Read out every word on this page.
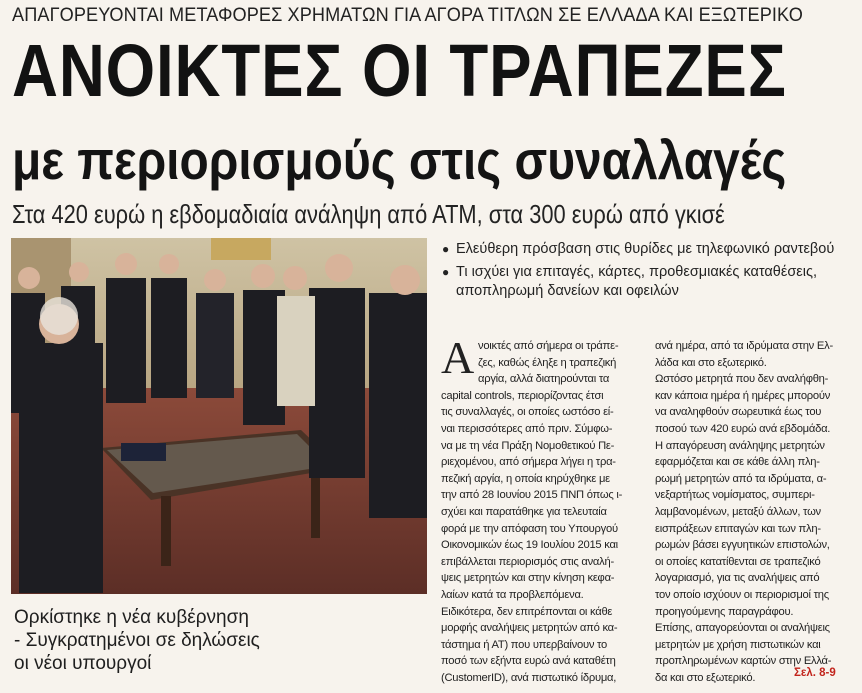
ΑΠΑΓΟΡΕΥΟΝΤΑΙ ΜΕΤΑΦΟΡΕΣ ΧΡΗΜΑΤΩΝ ΓΙΑ ΑΓΟΡΑ ΤΙΤΛΩΝ ΣΕ ΕΛΛΑΔΑ ΚΑΙ ΕΞΩΤΕΡΙΚΟ
ΑΝΟΙΚΤΕΣ ΟΙ ΤΡΑΠΕΖΕΣ
με περιορισμούς στις συναλλαγές
Στα 420 ευρώ η εβδομαδιαία ανάληψη από ΑΤΜ, στα 300 ευρώ από γκισέ
Ορκίστηκε η νέα κυβέρνηση
- Συγκρατημένοι σε δηλώσεις
οι νέοι υπουργοί
● Ελεύθερη πρόσβαση στις θυρίδες με τηλεφωνικό ραντεβού
● Τι ισχύει για επιταγές, κάρτες, προθεσμιακές καταθέσεις, αποπληρωμή δανείων και οφειλών
Α νοικτές από σήμερα οι τράπε-
ζες, καθώς έληξε η τραπεζική
αργία, αλλά διατηρούνται τα
capital controls, περιορίζοντας έτσι
τις συναλλαγές, οι οποίες ωστόσο εί-
ναι περισσότερες από πριν. Σύμφω-
να με τη νέα Πράξη Νομοθετικού Πε-
ριεχομένου, από σήμερα λήγει η τρα-
πεζική αργία, η οποία κηρύχθηκε με
την από 28 Ιουνίου 2015 ΠΝΠ όπως ι-
σχύει και παρατάθηκε για τελευταία
φορά με την απόφαση του Υπουργού
Οικονομικών έως 19 Ιουλίου 2015 και
επιβάλλεται περιορισμός στις αναλή-
ψεις μετρητών και στην κίνηση κεφα-
λαίων κατά τα προβλεπόμενα.
Ειδικότερα, δεν επιτρέπονται οι κάθε
μορφής αναλήψεις μετρητών από κα-
τάστημα ή ΑΤ) που υπερβαίνουν το
ποσό των εξήντα ευρώ ανά καταθέτη
(CustomerID), ανά πιστωτικό ίδρυμα,
ανά ημέρα, από τα ιδρύματα στην Ελ-
λάδα και στο εξωτερικό.
Ωστόσο μετρητά που δεν αναλήφθη-
καν κάποια ημέρα ή ημέρες μπορούν
να αναληφθούν σωρευτικά έως του
ποσού των 420 ευρώ ανά εβδομάδα.
Η απαγόρευση ανάληψης μετρητών
εφαρμόζεται και σε κάθε άλλη πλη-
ρωμή μετρητών από τα ιδρύματα, α-
νεξαρτήτως νομίσματος, συμπερι-
λαμβανομένων, μεταξύ άλλων, των
εισπράξεων επιταγών και των πλη-
ρωμών βάσει εγγυητικών επιστολών,
οι οποίες κατατίθενται σε τραπεζικό
λογαριασμό, για τις αναλήψεις από
τον οποίο ισχύουν οι περιορισμοί της
προηγούμενης παραγράφου.
Επίσης, απαγορεύονται οι αναλήψεις
μετρητών με χρήση πιστωτικών και
προπληρωμένων καρτών στην Ελλά-
δα και στο εξωτερικό.	Σελ. 8-9
